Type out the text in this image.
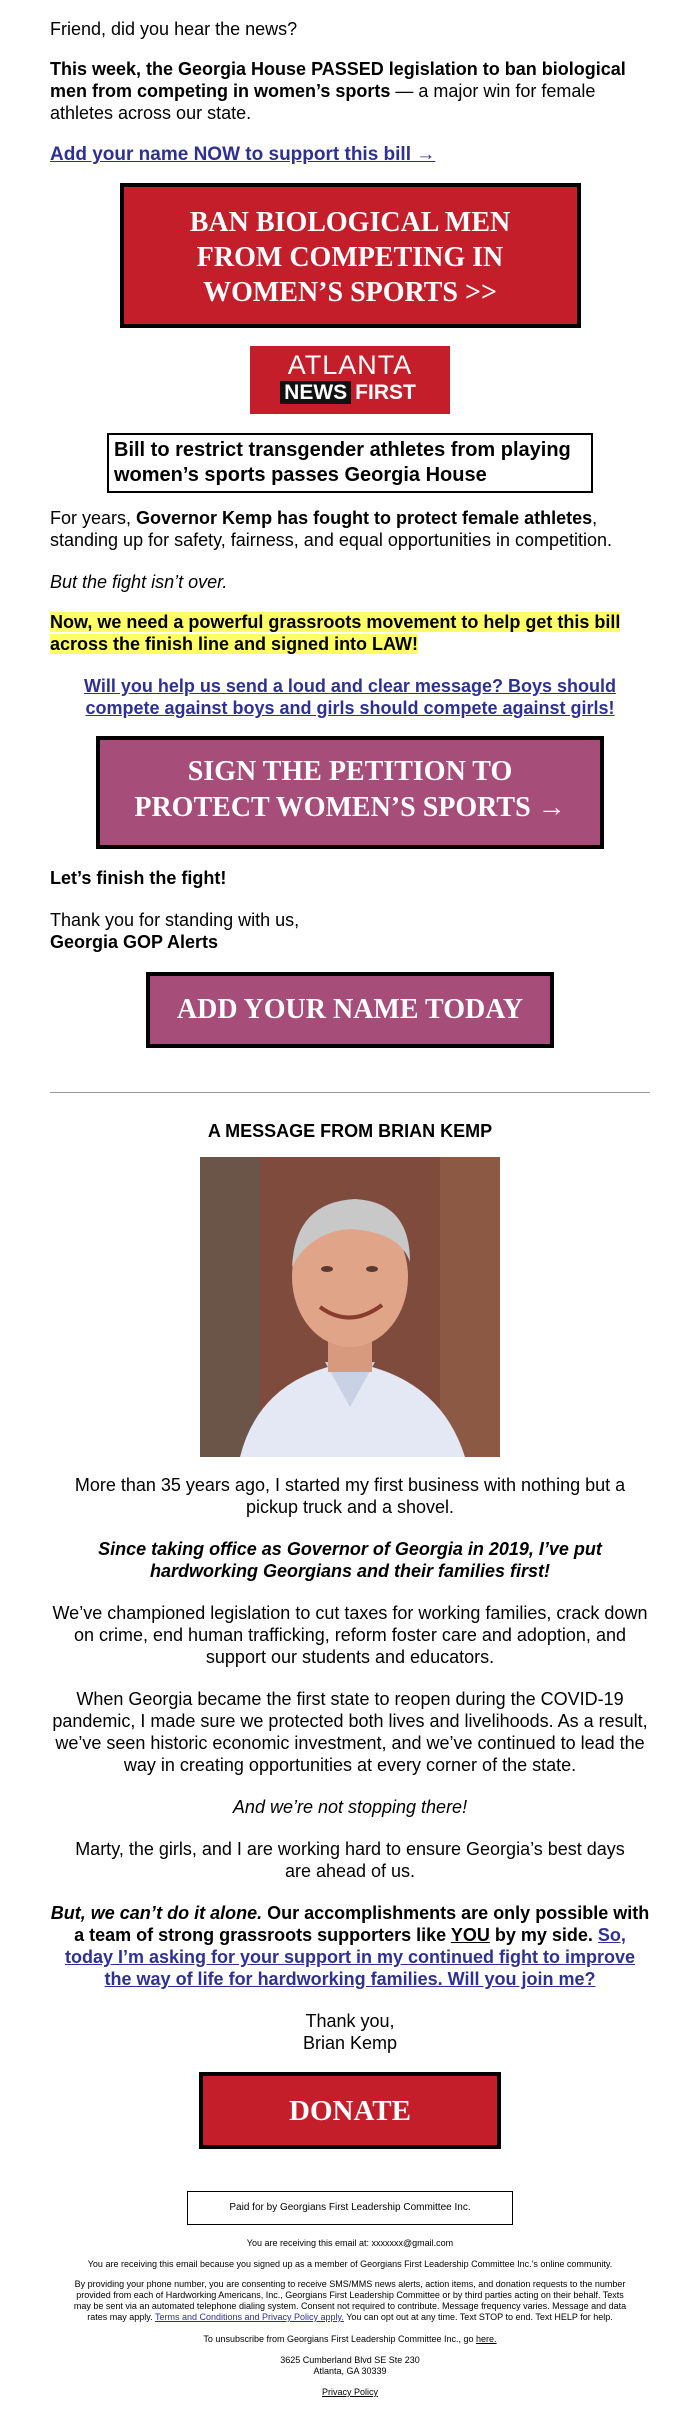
Friend, did you hear the news?
This week, the Georgia House PASSED legislation to ban biological men from competing in women’s sports — a major win for female athletes across our state.
Add your name NOW to support this bill →
BAN BIOLOGICAL MEN
FROM COMPETING IN
WOMEN’S SPORTS >>
ATLANTA
NEWS FIRST
Bill to restrict transgender athletes from playing women’s sports passes Georgia House
For years, Governor Kemp has fought to protect female athletes, standing up for safety, fairness, and equal opportunities in competition.
But the fight isn’t over.
Now, we need a powerful grassroots movement to help get this bill across the finish line and signed into LAW!
Will you help us send a loud and clear message? Boys should compete against boys and girls should compete against girls!
SIGN THE PETITION TO
PROTECT WOMEN’S SPORTS →
Let’s finish the fight!
Thank you for standing with us,
Georgia GOP Alerts
ADD YOUR NAME TODAY
A MESSAGE FROM BRIAN KEMP
More than 35 years ago, I started my first business with nothing but a pickup truck and a shovel.
Since taking office as Governor of Georgia in 2019, I’ve put hardworking Georgians and their families first!
We’ve championed legislation to cut taxes for working families, crack down on crime, end human trafficking, reform foster care and adoption, and support our students and educators.
When Georgia became the first state to reopen during the COVID-19 pandemic, I made sure we protected both lives and livelihoods. As a result, we’ve seen historic economic investment, and we’ve continued to lead the way in creating opportunities at every corner of the state.
And we’re not stopping there!
Marty, the girls, and I are working hard to ensure Georgia’s best days are ahead of us.
But, we can’t do it alone. Our accomplishments are only possible with a team of strong grassroots supporters like YOU by my side. So, today I’m asking for your support in my continued fight to improve the way of life for hardworking families. Will you join me?
Thank you,
Brian Kemp
DONATE
Paid for by Georgians First Leadership Committee Inc.
You are receiving this email at: xxxxxxx@gmail.com
You are receiving this email because you signed up as a member of Georgians First Leadership Committee Inc.'s online community.
By providing your phone number, you are consenting to receive SMS/MMS news alerts, action items, and donation requests to the number provided from each of Hardworking Americans, Inc., Georgians First Leadership Committee or by third parties acting on their behalf. Texts may be sent via an automated telephone dialing system. Consent not required to contribute. Message frequency varies. Message and data rates may apply. Terms and Conditions and Privacy Policy apply. You can opt out at any time. Text STOP to end. Text HELP for help.
To unsubscribe from Georgians First Leadership Committee Inc., go here.
3625 Cumberland Blvd SE Ste 230
Atlanta, GA 30339
Privacy Policy
